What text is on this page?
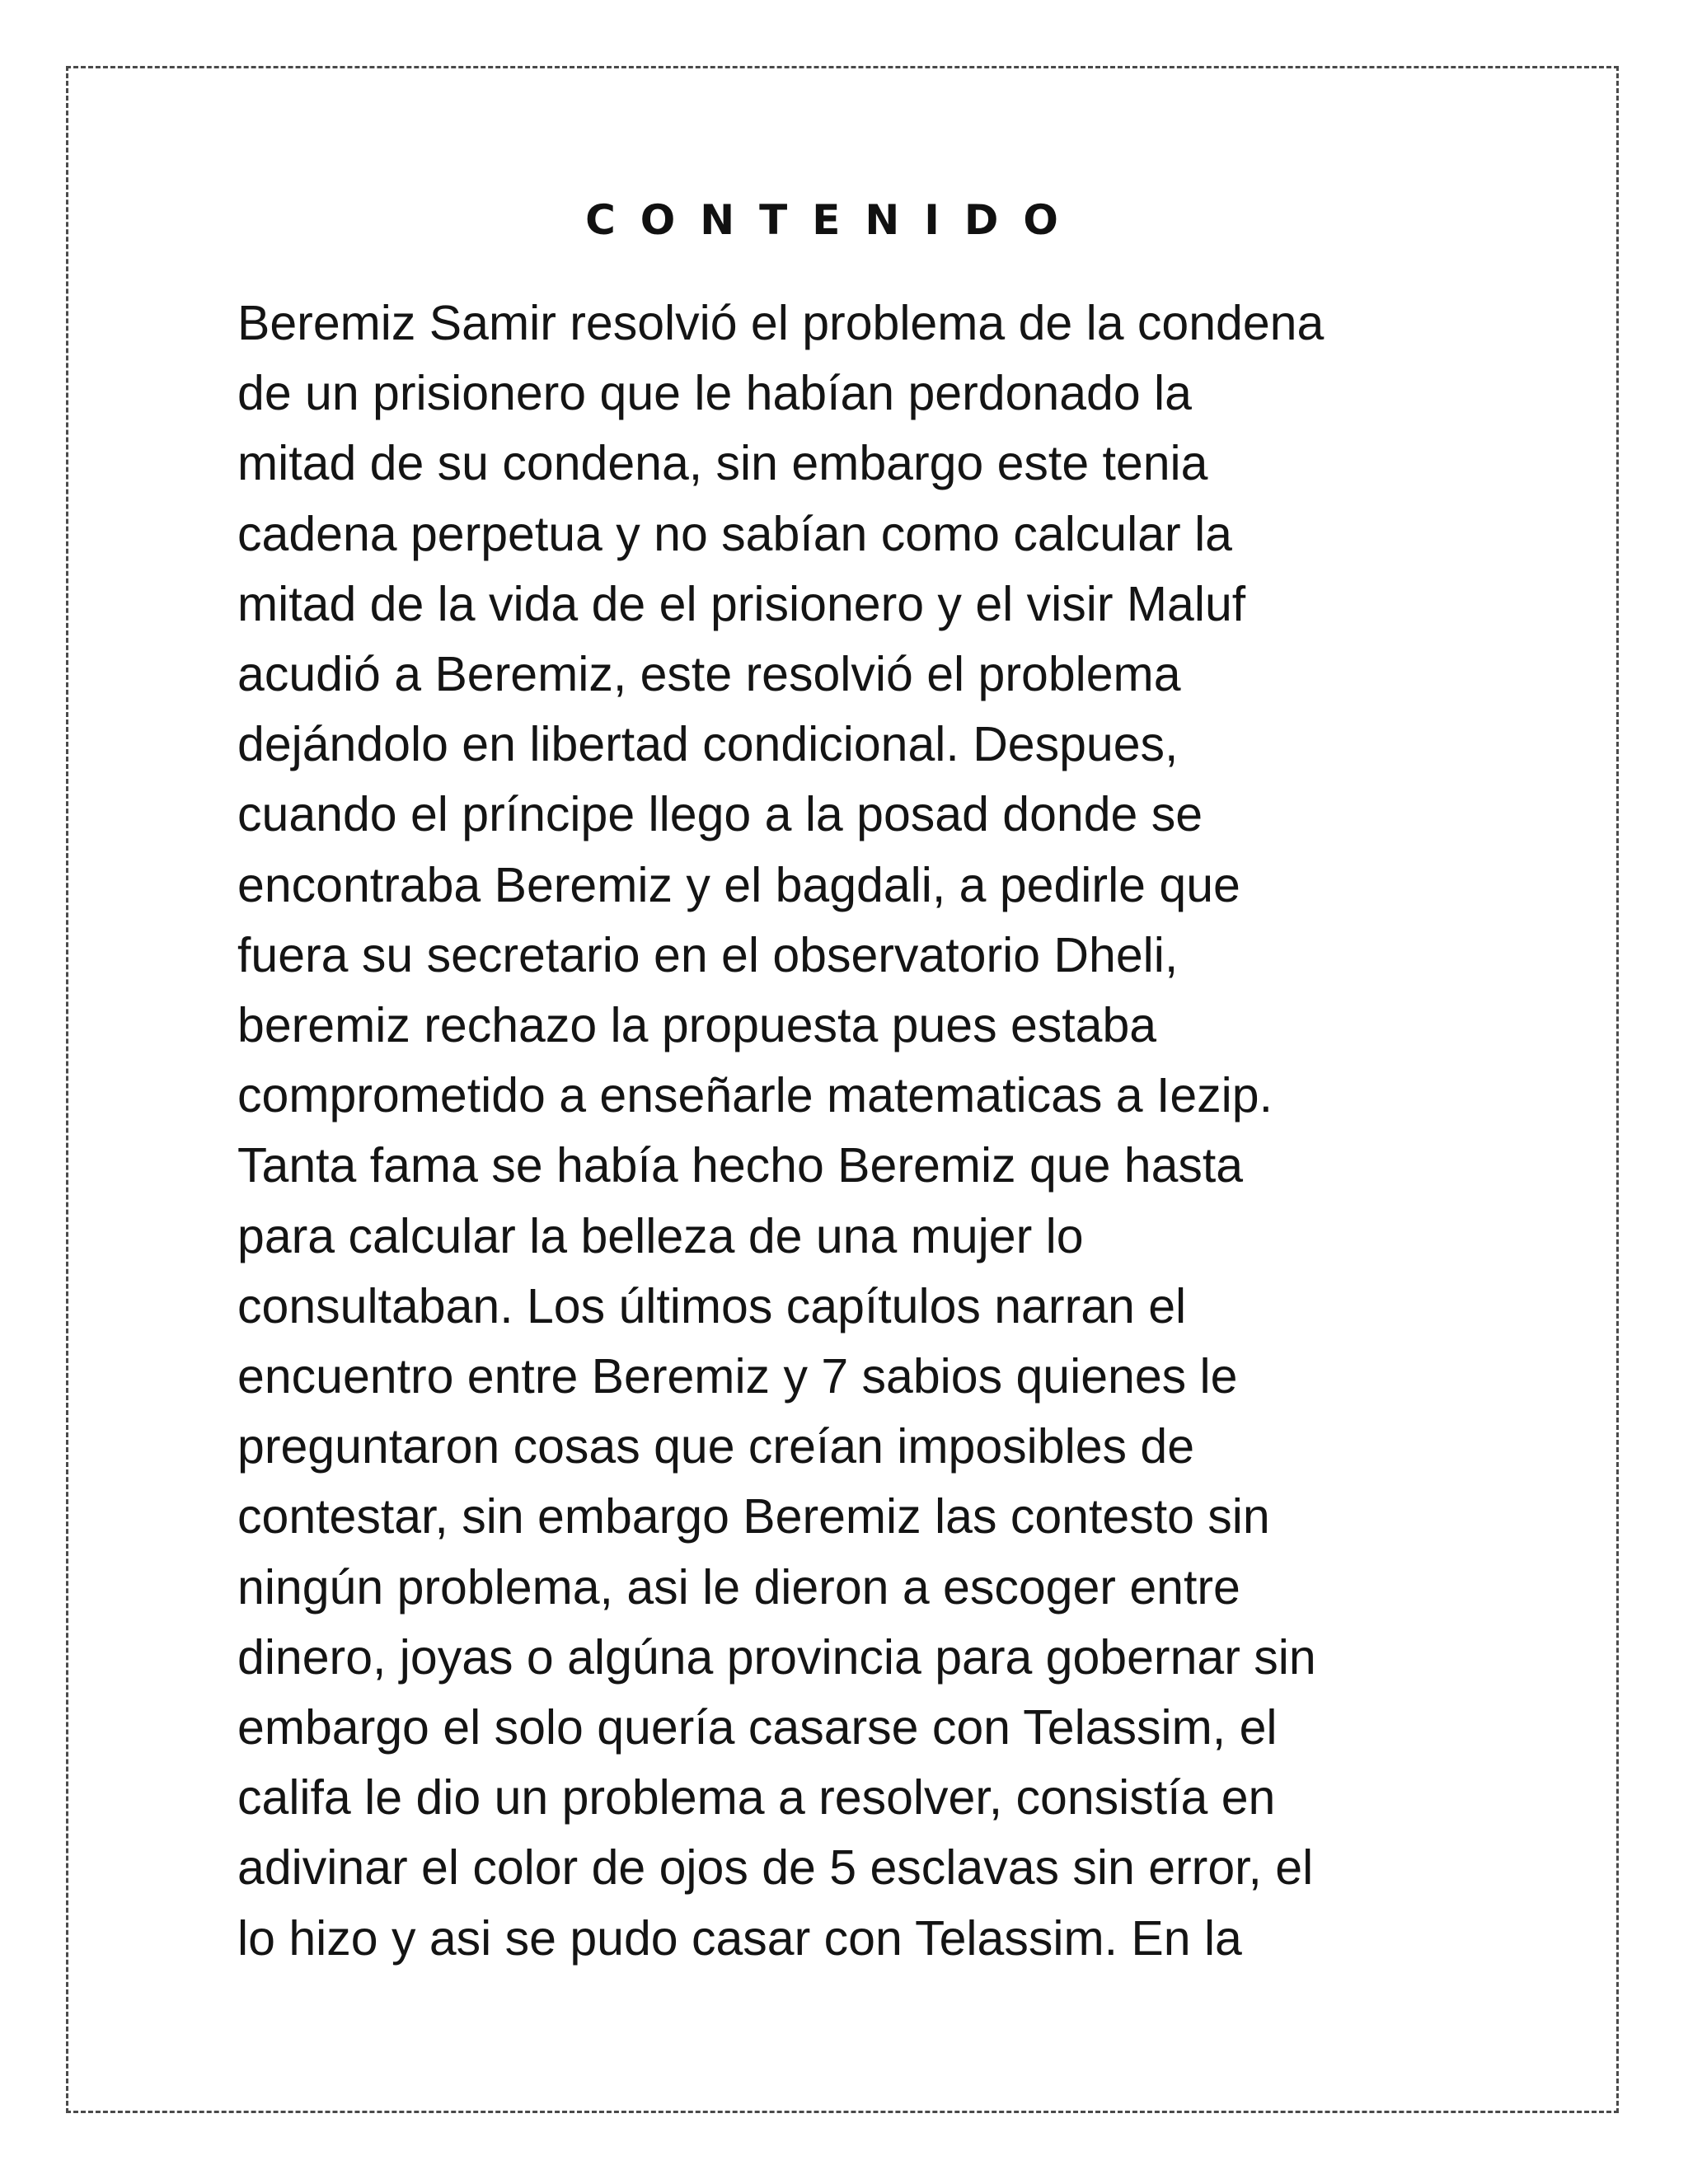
CONTENIDO
Beremiz Samir resolvió el problema de la condena
de un prisionero que le habían perdonado la
mitad de su condena, sin embargo este tenia
cadena perpetua y no sabían como calcular la
mitad de la vida de el prisionero y el visir Maluf
acudió a Beremiz, este resolvió el problema
dejándolo en libertad condicional. Despues,
cuando el príncipe llego a la posad donde se
encontraba Beremiz y el bagdali, a pedirle que
fuera su secretario en el observatorio Dheli,
beremiz rechazo la propuesta pues estaba
comprometido a enseñarle matematicas a Iezip.
Tanta fama se había hecho Beremiz que hasta
para calcular la belleza de una mujer lo
consultaban. Los últimos capítulos narran el
encuentro entre Beremiz y 7 sabios quienes le
preguntaron cosas que creían imposibles de
contestar, sin embargo Beremiz las contesto sin
ningún problema, asi le dieron a escoger entre
dinero, joyas o algúna provincia para gobernar sin
embargo el solo quería casarse con Telassim, el
califa le dio un problema a resolver, consistía en
adivinar el color de ojos de 5 esclavas sin error, el
lo hizo y asi se pudo casar con Telassim. En la
